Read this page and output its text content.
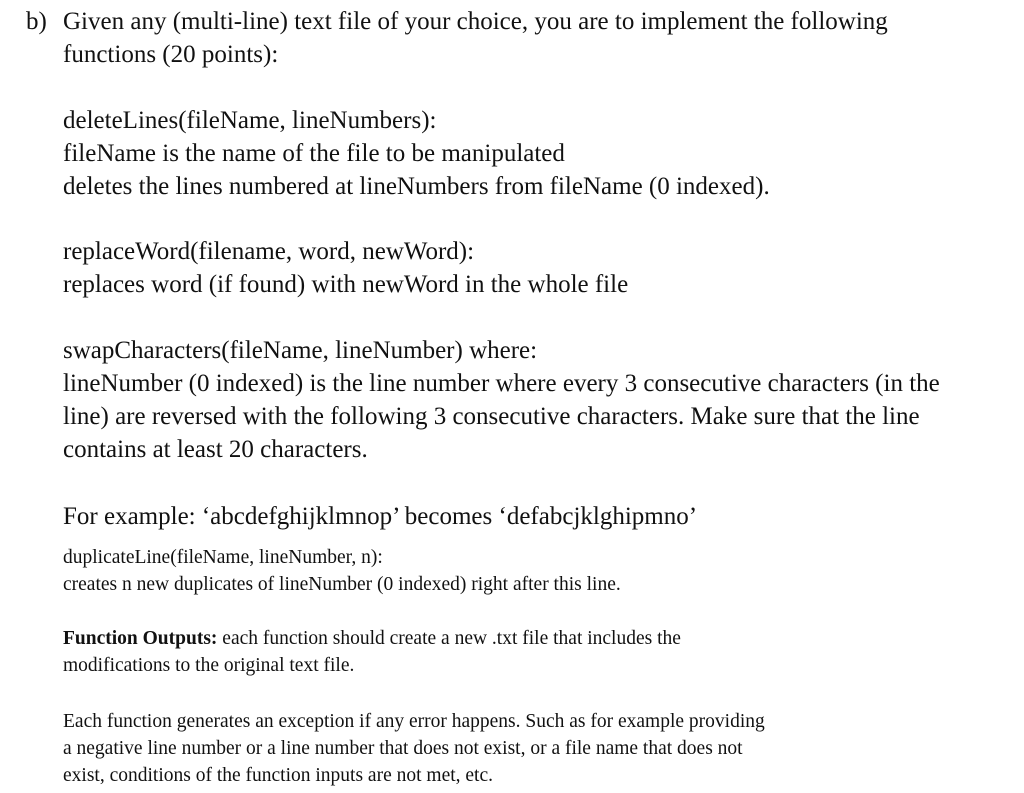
b) Given any (multi-line) text file of your choice, you are to implement the following

functions (20 points):

deleteLines(fileName, lineNumbers):

fileName is the name of the file to be manipulated

deletes the lines numbered at lineNumbers from fileName (0 indexed).

replaceWord(filename, word, newWord):

replaces word (if found) with newWord in the whole file

swapCharacters(fileName, lineNumber) where:

lineNumber (0 indexed) is the line number where every 3 consecutive characters (in the

line) are reversed with the following 3 consecutive characters. Make sure that the line

contains at least 20 characters.

For example: ‘abcdefghijklmnop’ becomes ‘defabcjklghipmno’

duplicateLine(fileName, lineNumber, n):

creates n new duplicates of lineNumber (0 indexed) right after this line.

Function Outputs: each function should create a new .txt file that includes the

modifications to the original text file.

Each function generates an exception if any error happens. Such as for example providing

a negative line number or a line number that does not exist, or a file name that does not

exist, conditions of the function inputs are not met, etc.
